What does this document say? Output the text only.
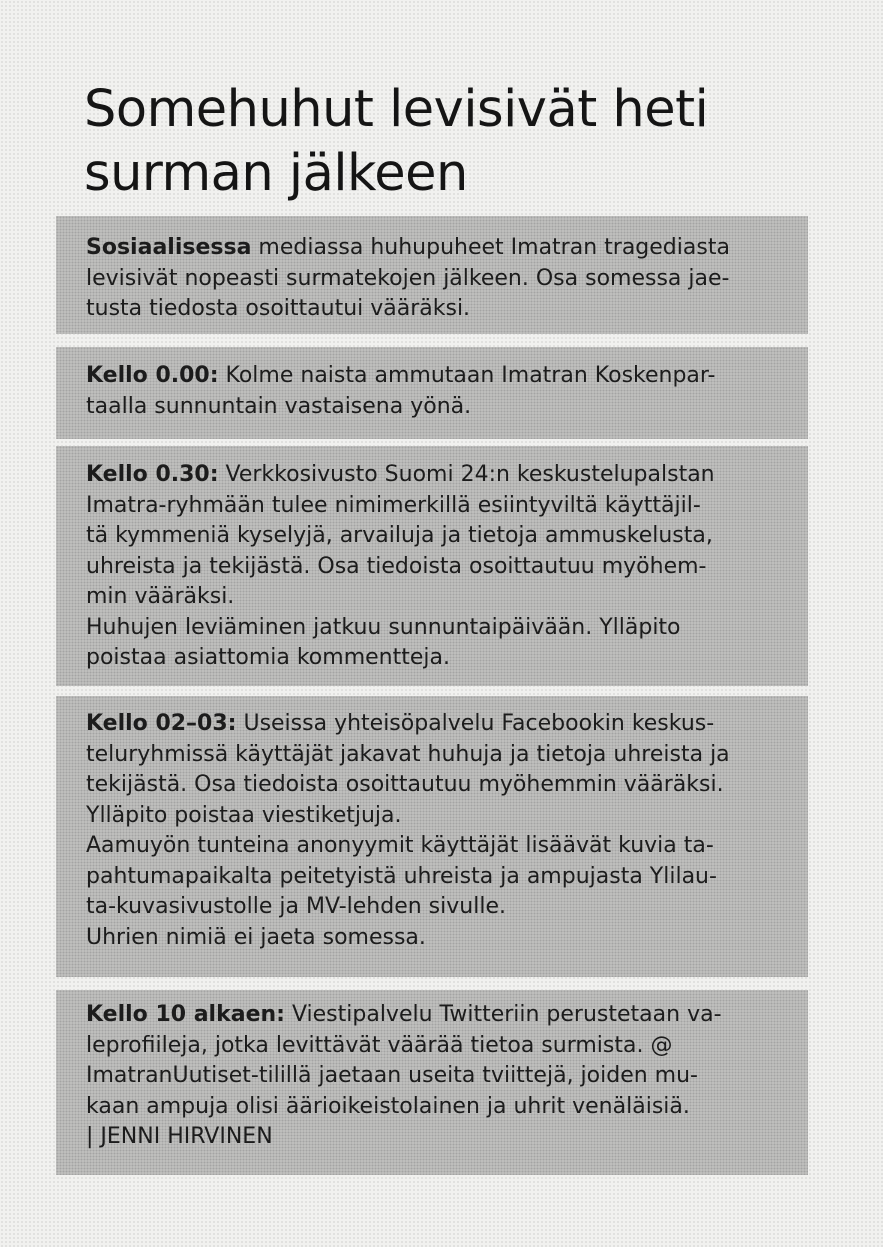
Somehuhut levisivät heti
surman jälkeen

Sosiaalisessa mediassa huhupuheet Imatran tragediasta

levisivät nopeasti surmatekojen jälkeen. Osa somessa jae-

tusta tiedosta osoittautui vääräksi.

Kello 0.00: Kolme naista ammutaan Imatran Koskenpar-

taalla sunnuntain vastaisena yönä.

Kello 0.30: Verkkosivusto Suomi 24:n keskustelupalstan

Imatra-ryhmään tulee nimimerkillä esiintyviltä käyttäjil-

tä kymmeniä kyselyjä, arvailuja ja tietoja ammuskelusta,

uhreista ja tekijästä. Osa tiedoista osoittautuu myöhem-

min vääräksi.

Huhujen leviäminen jatkuu sunnuntaipäivään. Ylläpito

poistaa asiattomia kommentteja.

Kello 02–03: Useissa yhteisöpalvelu Facebookin keskus-

teluryhmissä käyttäjät jakavat huhuja ja tietoja uhreista ja

tekijästä. Osa tiedoista osoittautuu myöhemmin vääräksi.

Ylläpito poistaa viestiketjuja.

Aamuyön tunteina anonyymit käyttäjät lisäävät kuvia ta-

pahtumapaikalta peitetyistä uhreista ja ampujasta Ylilau-

ta-kuvasivustolle ja MV-lehden sivulle.

Uhrien nimiä ei jaeta somessa.

Kello 10 alkaen: Viestipalvelu Twitteriin perustetaan va-

leprofiileja, jotka levittävät väärää tietoa surmista. @

ImatranUutiset-tilillä jaetaan useita tviittejä, joiden mu-

kaan ampuja olisi äärioikeistolainen ja uhrit venäläisiä.

| JENNI HIRVINEN
